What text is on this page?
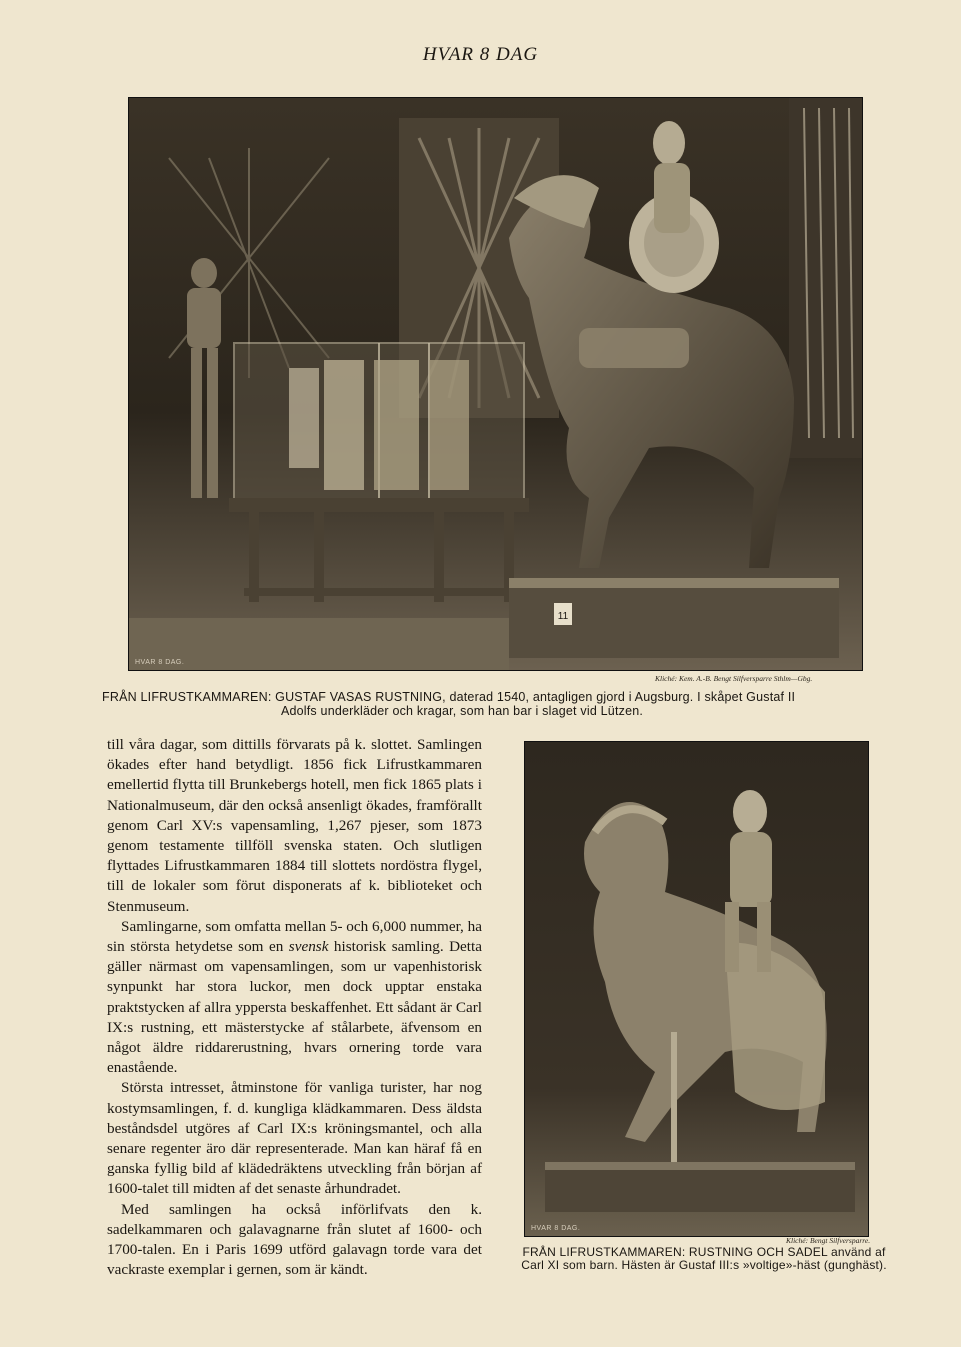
HVAR 8 DAG
11
HVAR 8 DAG.
Kliché: Kem. A.-B. Bengt Silfversparre Sthlm—Gbg.
FRÅN LIFRUSTKAMMAREN: GUSTAF VASAS RUSTNING, daterad 1540, antagligen gjord i Augsburg. I skåpet Gustaf II
Adolfs underkläder och kragar, som han bar i slaget vid Lützen.

till våra dagar, som dittills förvarats på k. slottet. Samlingen ökades efter hand betydligt. 1856 fick Lifrustkammaren emellertid flytta till Brunkebergs hotell, men fick 1865 plats i Nationalmuseum, där den också ansenligt ökades, framförallt genom Carl XV:s vapensamling, 1,267 pjeser, som 1873 genom testamente tillföll svenska staten. Och slutligen flyttades Lifrustkammaren 1884 till slottets nordöstra flygel, till de lokaler som förut disponerats af k. biblioteket och Stenmuseum.

Samlingarne, som omfatta mellan 5- och 6,000 nummer, ha sin största hetydetse som en svensk historisk samling. Detta gäller närmast om vapensamlingen, som ur vapenhistorisk synpunkt har stora luckor, men dock upptar enstaka praktstycken af allra yppersta beskaffenhet. Ett sådant är Carl IX:s rustning, ett mästerstycke af stålarbete, äfvensom en något äldre riddarerustning, hvars ornering torde vara enastående.

Största intresset, åtminstone för vanliga turister, har nog kostymsamlingen, f. d. kungliga klädkammaren. Dess äldsta beståndsdel utgöres af Carl IX:s kröningsmantel, och alla senare regenter äro där representerade. Man kan häraf få en ganska fyllig bild af klädedräktens utveckling från början af 1600-talet till midten af det senaste århundradet.

Med samlingen ha också införlifvats den k. sadelkammaren och galavagnarne från slutet af 1600- och 1700-talen. En i Paris 1699 utförd galavagn torde vara det vackraste exemplar i gernen, som är kändt.

HVAR 8 DAG.
Kliché: Bengt Silfversparre.
FRÅN LIFRUSTKAMMAREN: RUSTNING OCH SADEL använd af Carl XI som barn. Hästen är Gustaf III:s »voltige»-häst (gunghäst).
